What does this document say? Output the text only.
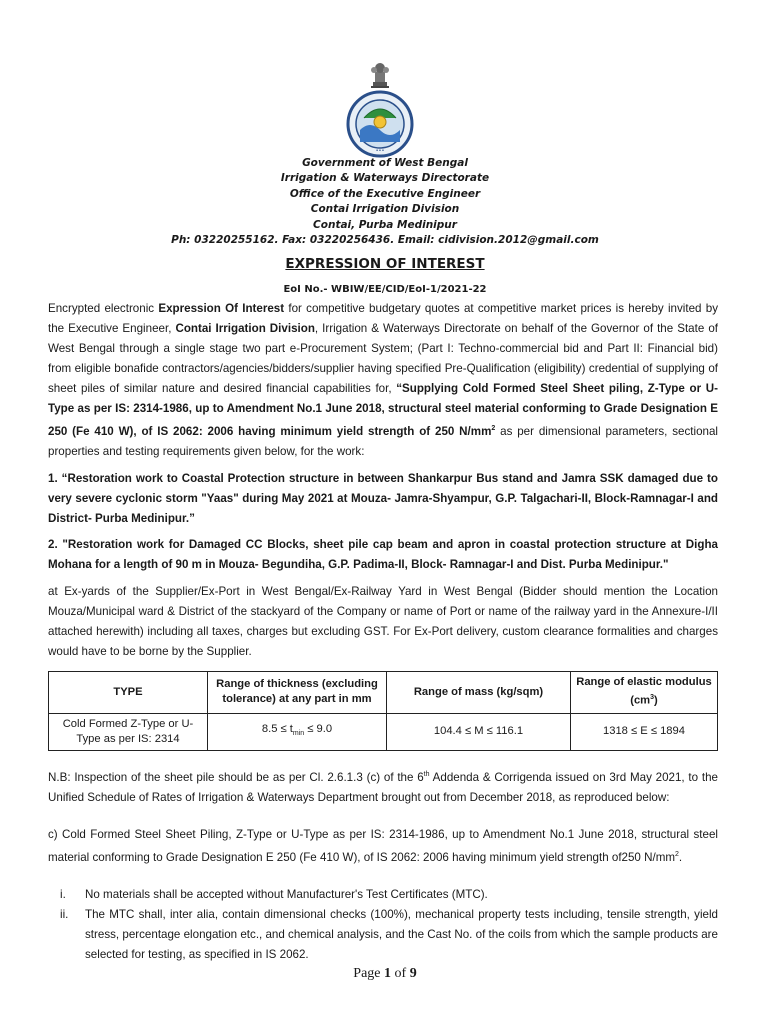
•••
Government of West Bengal
Irrigation & Waterways Directorate
Office of the Executive Engineer
Contai Irrigation Division
Contai, Purba Medinipur
Ph: 03220255162. Fax: 03220256436. Email: cidivision.2012@gmail.com
EXPRESSION OF INTEREST
EoI No.- WBIW/EE/CID/EoI-1/2021-22
Encrypted electronic Expression Of Interest for competitive budgetary quotes at competitive market prices is hereby invited by the Executive Engineer, Contai Irrigation Division, Irrigation & Waterways Directorate on behalf of the Governor of the State of West Bengal through a single stage two part e-Procurement System; (Part I: Techno-commercial bid and Part II: Financial bid) from eligible bonafide contractors/agencies/bidders/supplier having specified Pre-Qualification (eligibility) credential of supplying of sheet piles of similar nature and desired financial capabilities for, “Supplying Cold Formed Steel Sheet piling, Z-Type or U-Type as per IS: 2314-1986, up to Amendment No.1 June 2018, structural steel material conforming to Grade Designation E 250 (Fe 410 W), of IS 2062: 2006 having minimum yield strength of 250 $N/mm^2$ as per dimensional parameters, sectional properties and testing requirements given below, for the work:
1. “Restoration work to Coastal Protection structure in between Shankarpur Bus stand and Jamra SSK damaged due to very severe cyclonic storm "Yaas" during May 2021 at Mouza- Jamra-Shyampur, G.P. Talgachari-II, Block-Ramnagar-I and District- Purba Medinipur.”
2. "Restoration work for Damaged CC Blocks, sheet pile cap beam and apron in coastal protection structure at Digha Mohana for a length of 90 m in Mouza- Begundiha, G.P. Padima-II, Block- Ramnagar-I and Dist. Purba Medinipur."
at Ex-yards of the Supplier/Ex-Port in West Bengal/Ex-Railway Yard in West Bengal (Bidder should mention the Location Mouza/Municipal ward & District of the stackyard of the Company or name of Port or name of the railway yard in the Annexure-I/II attached herewith) including all taxes, charges but excluding GST. For Ex-Port delivery, custom clearance formalities and charges would have to be borne by the Supplier.
TYPE	Range of thickness (excluding tolerance) at any part in mm	Range of mass (kg/sqm)	Range of elastic modulus $(cm^3)$
Cold Formed Z-Type or U-Type as per IS: 2314	$8.5 \le t_{min} \le 9.0$	104.4 ≤ M ≤ 116.1	1318 ≤ E ≤ 1894
N.B: Inspection of the sheet pile should be as per Cl. 2.6.1.3 (c) of the 6th Addenda & Corrigenda issued on 3rd May 2021, to the Unified Schedule of Rates of Irrigation & Waterways Department brought out from December 2018, as reproduced below:
c) Cold Formed Steel Sheet Piling, Z-Type or U-Type as per IS: 2314-1986, up to Amendment No.1 June 2018, structural steel material conforming to Grade Designation E 250 (Fe 410 W), of IS 2062: 2006 having minimum yield strength of250 $N/mm^2$.
i. No materials shall be accepted without Manufacturer's Test Certificates (MTC).
ii. The MTC shall, inter alia, contain dimensional checks (100%), mechanical property tests including, tensile strength, yield stress, percentage elongation etc., and chemical analysis, and the Cast No. of the coils from which the sample products are selected for testing, as specified in IS 2062.
Page 1 of 9
